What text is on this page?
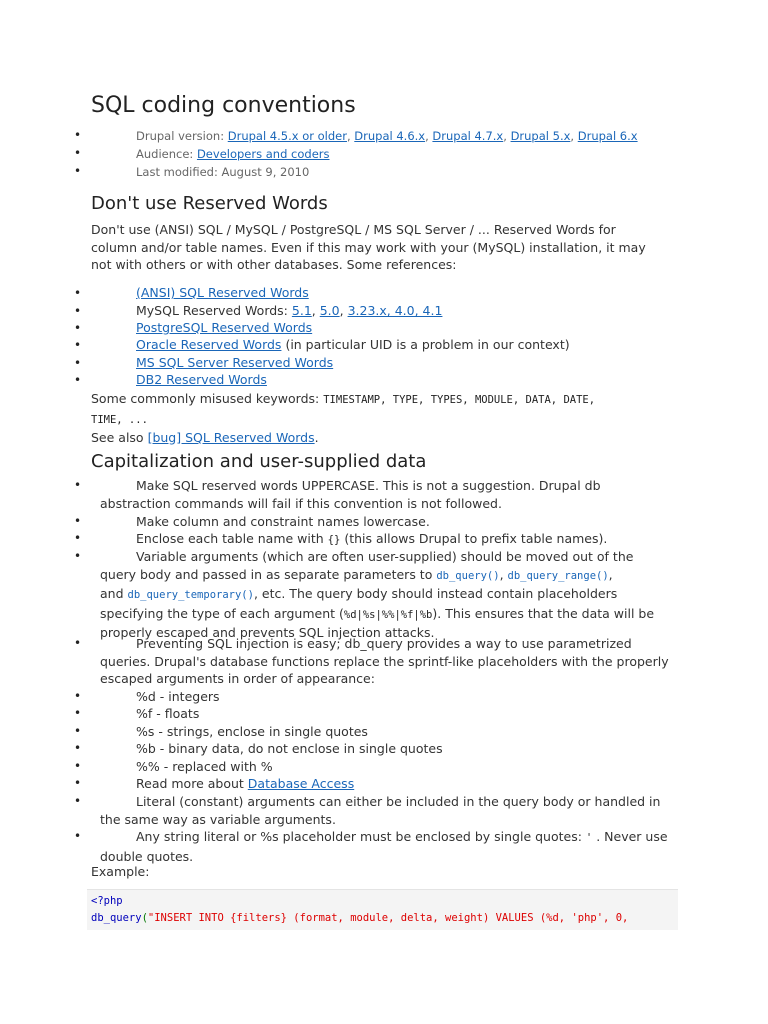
SQL coding conventions
•	Drupal version: Drupal 4.5.x or older, Drupal 4.6.x, Drupal 4.7.x, Drupal 5.x, Drupal 6.x
•	Audience: Developers and coders
•	Last modified: August 9, 2010
Don't use Reserved Words
Don't use (ANSI) SQL / MySQL / PostgreSQL / MS SQL Server / ... Reserved Words for
column and/or table names. Even if this may work with your (MySQL) installation, it may
not with others or with other databases. Some references:
•	(ANSI) SQL Reserved Words
•	MySQL Reserved Words: 5.1, 5.0, 3.23.x, 4.0, 4.1
•	PostgreSQL Reserved Words
•	Oracle Reserved Words (in particular UID is a problem in our context)
•	MS SQL Server Reserved Words
•	DB2 Reserved Words
Some commonly misused keywords: TIMESTAMP, TYPE, TYPES, MODULE, DATA, DATE,
TIME, ...
See also [bug] SQL Reserved Words.
Capitalization and user-supplied data
•	Make SQL reserved words UPPERCASE. This is not a suggestion. Drupal db
abstraction commands will fail if this convention is not followed.
•	Make column and constraint names lowercase.
•	Enclose each table name with {} (this allows Drupal to prefix table names).
•	Variable arguments (which are often user-supplied) should be moved out of the
query body and passed in as separate parameters to db_query(), db_query_range(),
and db_query_temporary(), etc. The query body should instead contain placeholders
specifying the type of each argument (%d|%s|%%|%f|%b). This ensures that the data will be
properly escaped and prevents SQL injection attacks.
•	Preventing SQL injection is easy; db_query provides a way to use parametrized
queries. Drupal's database functions replace the sprintf-like placeholders with the properly
escaped arguments in order of appearance:
•	%d - integers
•	%f - floats
•	%s - strings, enclose in single quotes
•	%b - binary data, do not enclose in single quotes
•	%% - replaced with %
•	Read more about Database Access
•	Literal (constant) arguments can either be included in the query body or handled in
the same way as variable arguments.
•	Any string literal or %s placeholder must be enclosed by single quotes: ' . Never use
double quotes.
Example:
<?php
db_query("INSERT INTO {filters} (format, module, delta, weight) VALUES (%d, 'php', 0,
